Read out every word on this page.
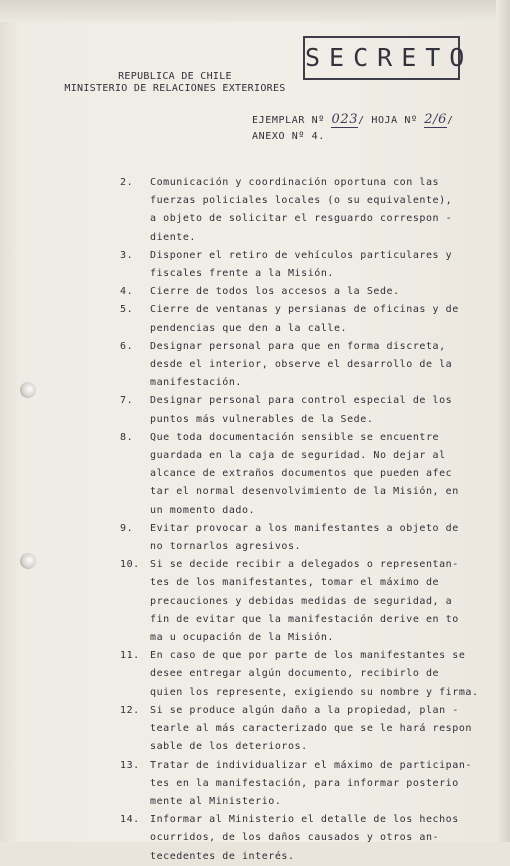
SECRETO
REPUBLICA DE CHILE
MINISTERIO DE RELACIONES EXTERIORES
EJEMPLAR Nº 023/ HOJA Nº 2/6/
ANEXO Nº 4.
2.	Comunicación y coordinación oportuna con las
fuerzas policiales locales (o su equivalente),
a objeto de solicitar el resguardo correspon -
diente.
3.	Disponer el retiro de vehículos particulares y
fiscales frente a la Misión.
4.	Cierre de todos los accesos a la Sede.
5.	Cierre de ventanas y persianas de oficinas y de
pendencias que den a la calle.
6.	Designar personal para que en forma discreta,
desde el interior, observe el desarrollo de la
manifestación.
7.	Designar personal para control especial de los
puntos más vulnerables de la Sede.
8.	Que toda documentación sensible se encuentre
guardada en la caja de seguridad. No dejar al
alcance de extraños documentos que pueden afec
tar el normal desenvolvimiento de la Misión, en
un momento dado.
9.	Evitar provocar a los manifestantes a objeto de
no tornarlos agresivos.
10.	Si se decide recibir a delegados o representan-
tes de los manifestantes, tomar el máximo de
precauciones y debidas medidas de seguridad, a
fin de evitar que la manifestación derive en to
ma u ocupación de la Misión.
11.	En caso de que por parte de los manifestantes se
desee entregar algún documento, recibirlo de
quien los represente, exigiendo su nombre y firma.
12.	Si se produce algún daño a la propiedad, plan -
tearle al más caracterizado que se le hará respon
sable de los deterioros.
13.	Tratar de individualizar el máximo de participan-
tes en la manifestación, para informar posterio
mente al Ministerio.
14.	Informar al Ministerio el detalle de los hechos
ocurridos, de los daños causados y otros an-
tecedentes de interés.
